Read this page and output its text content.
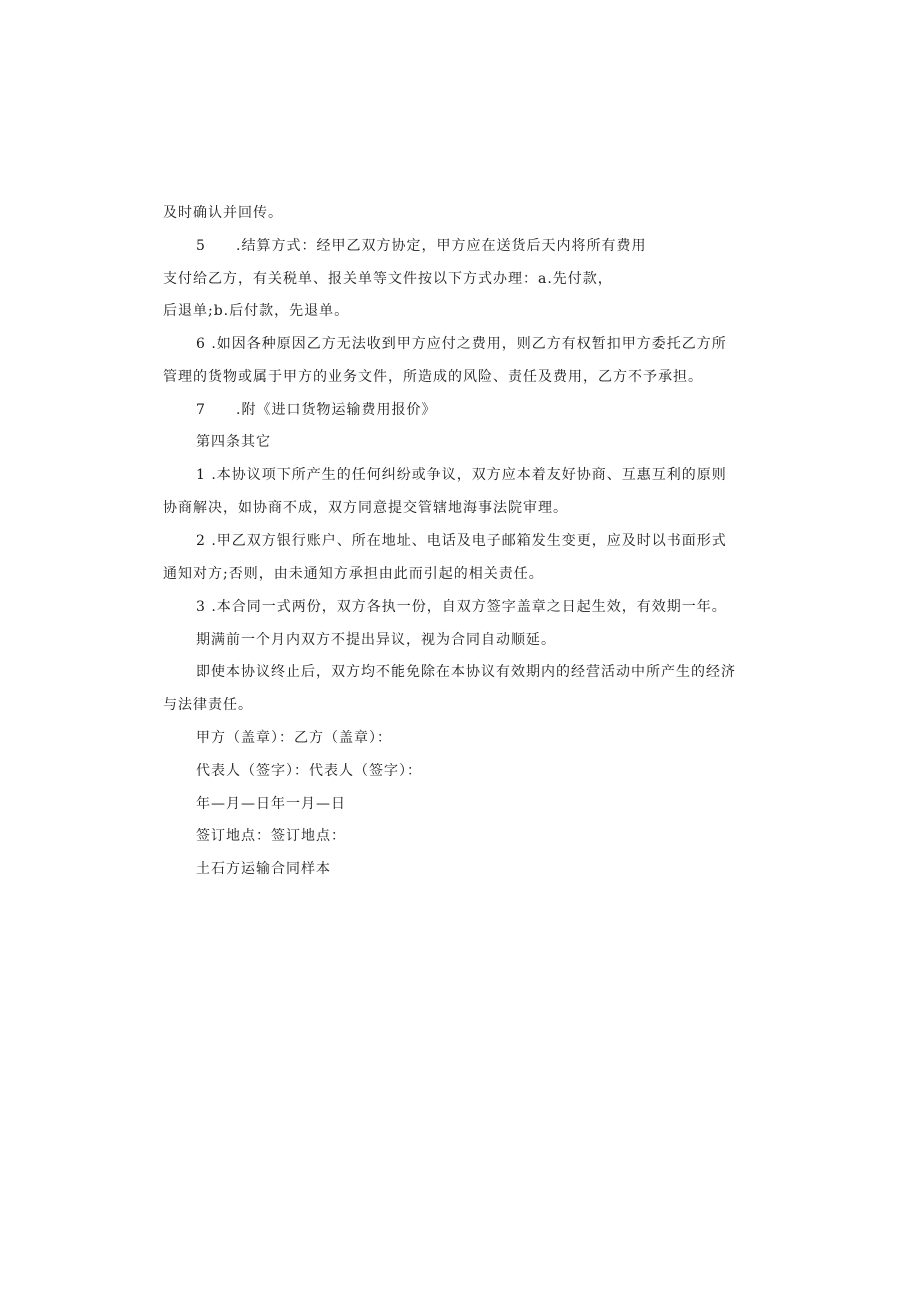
及时确认并回传。
5 .结算方式：经甲乙双方协定，甲方应在送货后天内将所有费用
支付给乙方，有关税单、报关单等文件按以下方式办理：a.先付款，
后退单;b.后付款，先退单。
6 .如因各种原因乙方无法收到甲方应付之费用，则乙方有权暂扣甲方委托乙方所
管理的货物或属于甲方的业务文件，所造成的风险、责任及费用，乙方不予承担。
7 .附《进口货物运输费用报价》
第四条其它
1 .本协议项下所产生的任何纠纷或争议，双方应本着友好协商、互惠互利的原则
协商解决，如协商不成，双方同意提交管辖地海事法院审理。
2 .甲乙双方银行账户、所在地址、电话及电子邮箱发生变更，应及时以书面形式
通知对方;否则，由未通知方承担由此而引起的相关责任。
3 .本合同一式两份，双方各执一份，自双方签字盖章之日起生效，有效期一年。
期满前一个月内双方不提出异议，视为合同自动顺延。
即使本协议终止后，双方均不能免除在本协议有效期内的经营活动中所产生的经济
与法律责任。
甲方（盖章）：乙方（盖章）：
代表人（签字）：代表人（签字）：
年—月—日年一月—日
签订地点：签订地点：
土石方运输合同样本
